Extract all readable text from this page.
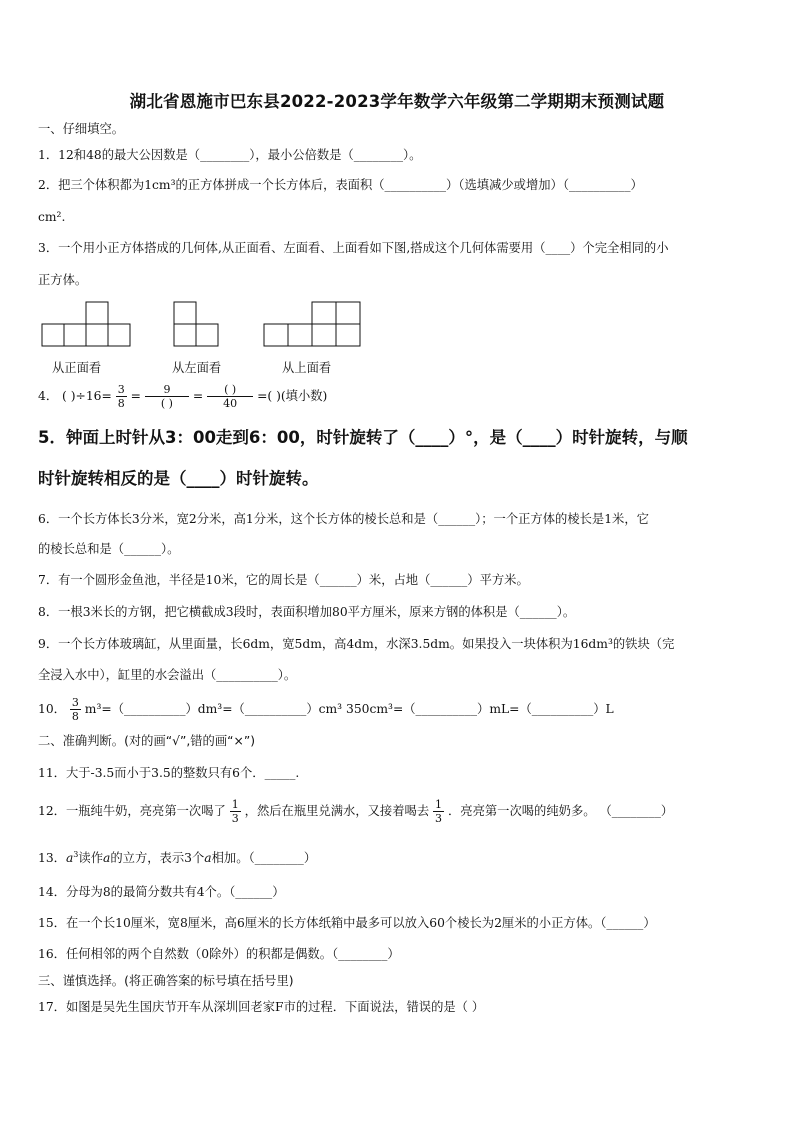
湖北省恩施市巴东县2022-2023学年数学六年级第二学期期末预测试题
一、仔细填空。
1．12和48的最大公因数是（________），最小公倍数是（________）。
2．把三个体积都为1cm³的正方体拼成一个长方体后，表面积（__________）（选填减少或增加）（__________）
cm².
3．一个用小正方体搭成的几何体,从正面看、左面看、上面看如下图,搭成这个几何体需要用（____）个完全相同的小
正方体。
从正面看	从左面看	从上面看
4． ( )$\div 16= \frac{3}{8} = \frac{9}{( )} = \frac{( )}{40}$ =( )(填小数)
5．钟面上时针从3：00走到6：00，时针旋转了（____）°，是（____）时针旋转，与顺
时针旋转相反的是（____）时针旋转。
6．一个长方体长3分米，宽2分米，高1分米，这个长方体的棱长总和是（______）；一个正方体的棱长是1米，它
的棱长总和是（______）。
7．有一个圆形金鱼池，半径是10米，它的周长是（______）米，占地（______）平方米。
8．一根3米长的方钢，把它横截成3段时，表面积增加80平方厘米，原来方钢的体积是（______）。
9．一个长方体玻璃缸，从里面量，长6dm，宽5dm，高4dm，水深3.5dm。如果投入一块体积为16dm³的铁块（完
全浸入水中），缸里的水会溢出（__________）。
10． $\frac{3}{8}$ m³=（__________）dm³=（__________）cm³ 350cm³=（__________）mL=（__________）L
二、准确判断。(对的画“√”,错的画“×”)
11．大于-3.5而小于3.5的整数只有6个．_____.
12．一瓶纯牛奶，亮亮第一次喝了 $\frac{1}{3}$ ，然后在瓶里兑满水，又接着喝去 $\frac{1}{3}$ ．亮亮第一次喝的纯奶多。 （________）
13．$a^3$读作a的立方，表示3个a相加。（________）
14．分母为8的最简分数共有4个。（______）
15．在一个长10厘米，宽8厘米，高6厘米的长方体纸箱中最多可以放入60个棱长为2厘米的小正方体。（______）
16．任何相邻的两个自然数（0除外）的积都是偶数。（________）
三、谨慎选择。(将正确答案的标号填在括号里)
17．如图是吴先生国庆节开车从深圳回老家F市的过程．下面说法，错误的是（ ）
